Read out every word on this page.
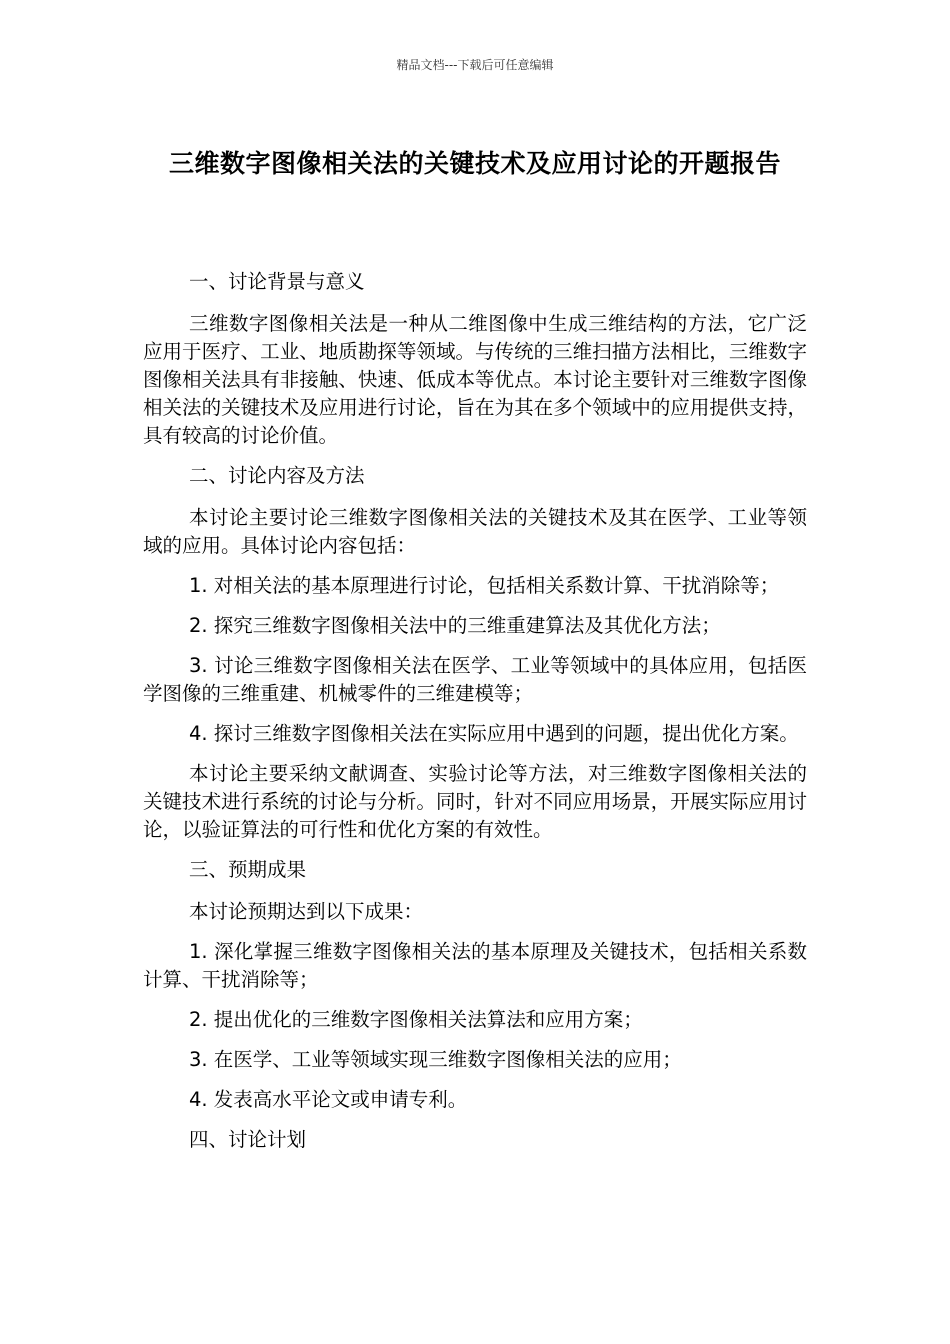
精品文档---下载后可任意编辑
三维数字图像相关法的关键技术及应用讨论的开题报告

一、讨论背景与意义

三维数字图像相关法是一种从二维图像中生成三维结构的方法，它广泛应用于医疗、工业、地质勘探等领域。与传统的三维扫描方法相比，三维数字图像相关法具有非接触、快速、低成本等优点。本讨论主要针对三维数字图像相关法的关键技术及应用进行讨论，旨在为其在多个领域中的应用提供支持，具有较高的讨论价值。

二、讨论内容及方法

本讨论主要讨论三维数字图像相关法的关键技术及其在医学、工业等领域的应用。具体讨论内容包括：

1. 对相关法的基本原理进行讨论，包括相关系数计算、干扰消除等；

2. 探究三维数字图像相关法中的三维重建算法及其优化方法；

3. 讨论三维数字图像相关法在医学、工业等领域中的具体应用，包括医学图像的三维重建、机械零件的三维建模等；

4. 探讨三维数字图像相关法在实际应用中遇到的问题，提出优化方案。

本讨论主要采纳文献调查、实验讨论等方法，对三维数字图像相关法的关键技术进行系统的讨论与分析。同时，针对不同应用场景，开展实际应用讨论，以验证算法的可行性和优化方案的有效性。

三、预期成果

本讨论预期达到以下成果：

1. 深化掌握三维数字图像相关法的基本原理及关键技术，包括相关系数计算、干扰消除等；

2. 提出优化的三维数字图像相关法算法和应用方案；

3. 在医学、工业等领域实现三维数字图像相关法的应用；

4. 发表高水平论文或申请专利。

四、讨论计划
